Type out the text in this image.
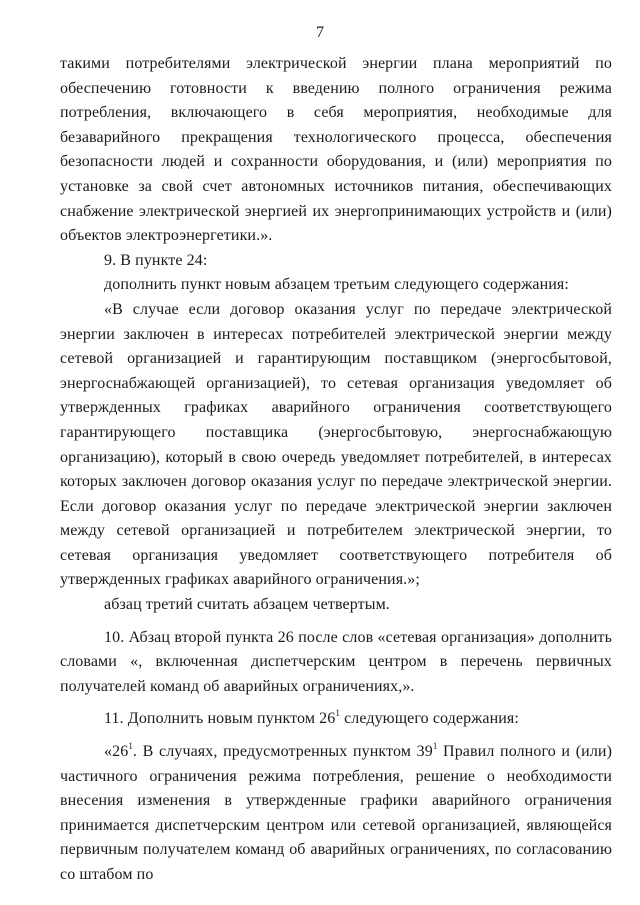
7

такими потребителями электрической энергии плана мероприятий по обеспечению готовности к введению полного ограничения режима потребления, включающего в себя мероприятия, необходимые для безаварийного прекращения технологического процесса, обеспечения безопасности людей и сохранности оборудования, и (или) мероприятия по установке за свой счет автономных источников питания, обеспечивающих снабжение электрической энергией их энергопринимающих устройств и (или) объектов электроэнергетики.».

9. В пункте 24:

дополнить пункт новым абзацем третьим следующего содержания:

«В случае если договор оказания услуг по передаче электрической энергии заключен в интересах потребителей электрической энергии между сетевой организацией и гарантирующим поставщиком (энергосбытовой, энергоснабжающей организацией), то сетевая организация уведомляет об утвержденных графиках аварийного ограничения соответствующего гарантирующего поставщика (энергосбытовую, энергоснабжающую организацию), который в свою очередь уведомляет потребителей, в интересах которых заключен договор оказания услуг по передаче электрической энергии. Если договор оказания услуг по передаче электрической энергии заключен между сетевой организацией и потребителем электрической энергии, то сетевая организация уведомляет соответствующего потребителя об утвержденных графиках аварийного ограничения.»;

абзац третий считать абзацем четвертым.

10. Абзац второй пункта 26 после слов «сетевая организация» дополнить словами «, включенная диспетчерским центром в перечень первичных получателей команд об аварийных ограничениях,».

11. Дополнить новым пунктом $26^1$ следующего содержания:

«$26^1$. В случаях, предусмотренных пунктом $39^1$ Правил полного и (или) частичного ограничения режима потребления, решение о необходимости внесения изменения в утвержденные графики аварийного ограничения принимается диспетчерским центром или сетевой организацией, являющейся первичным получателем команд об аварийных ограничениях, по согласованию со штабом по
